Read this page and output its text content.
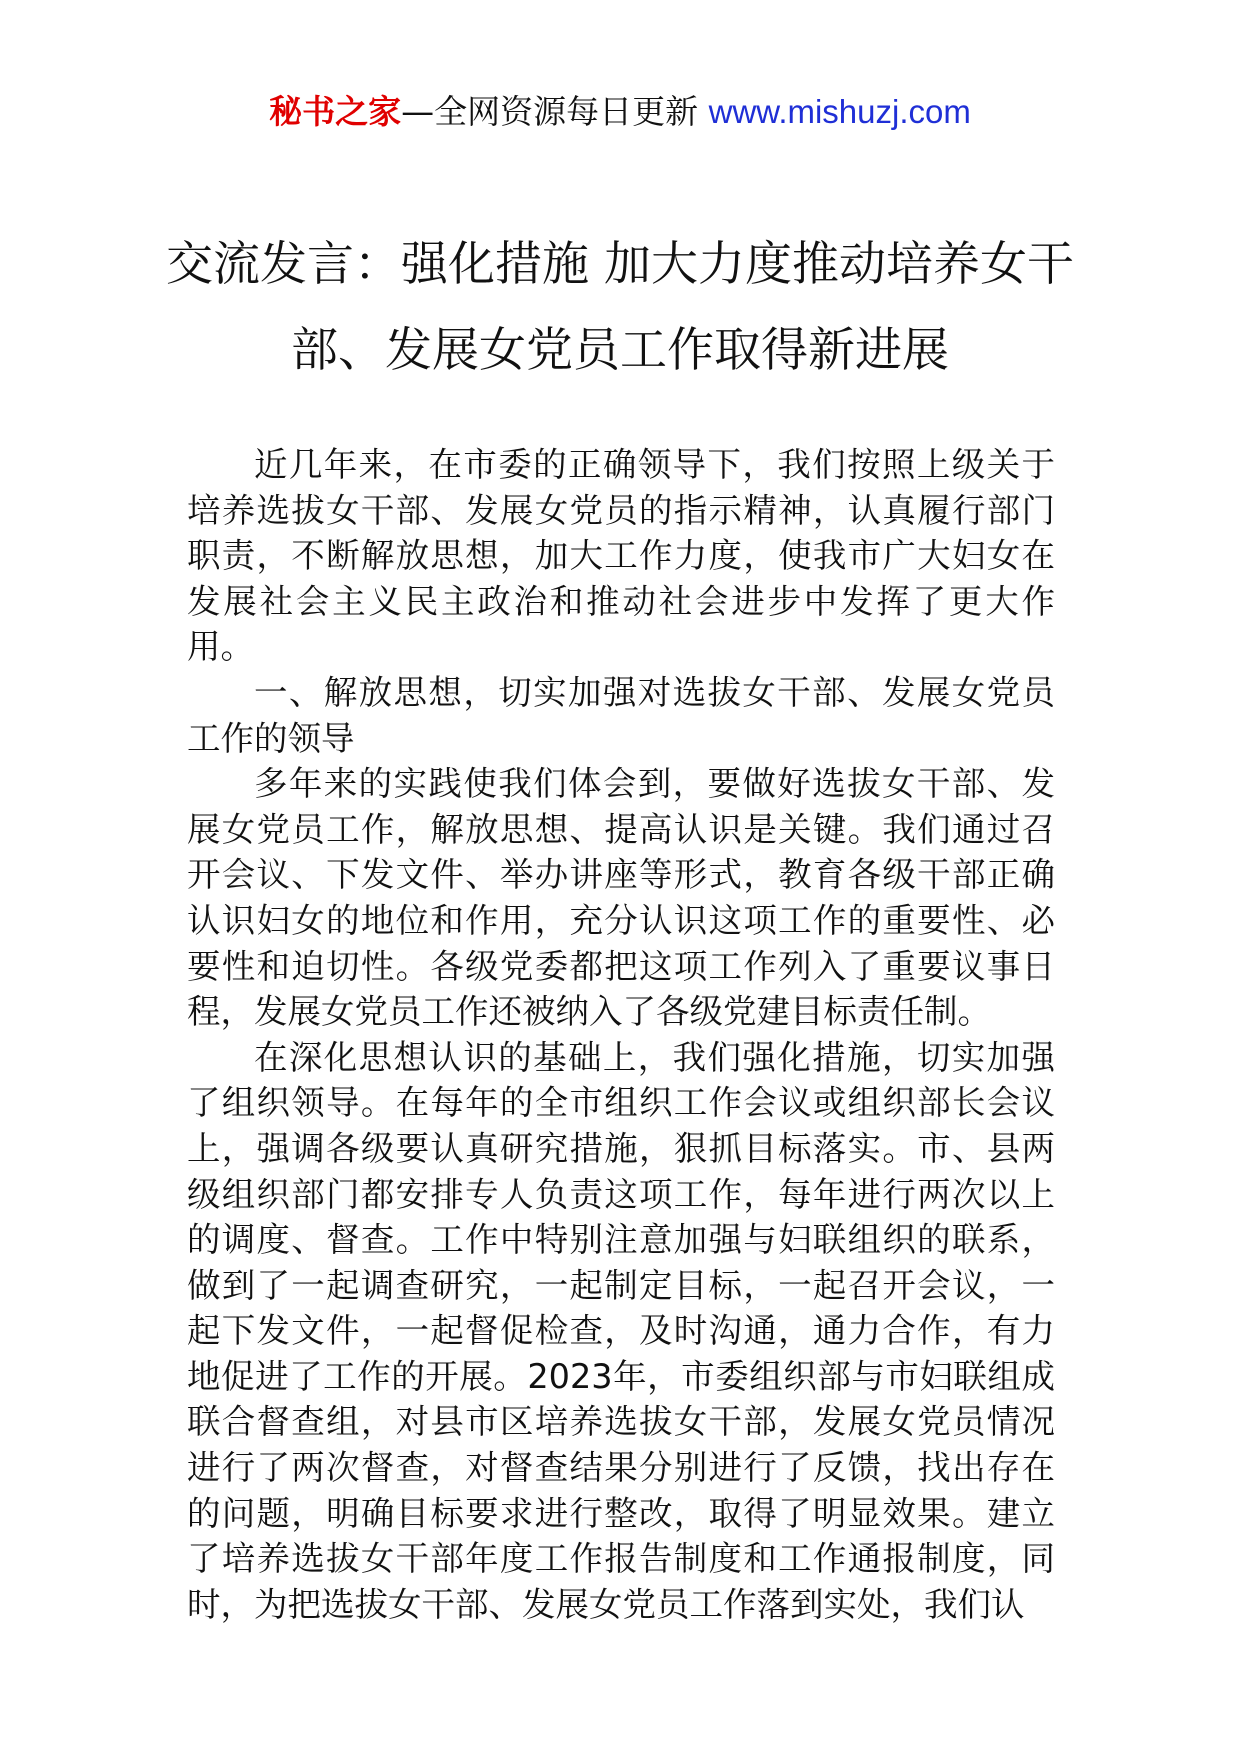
秘书之家—全网资源每日更新 www.mishuzj.com
交流发言：强化措施 加大力度推动培养女干部、发展女党员工作取得新进展

近几年来，在市委的正确领导下，我们按照上级关于培养选拔女干部、发展女党员的指示精神，认真履行部门职责，不断解放思想，加大工作力度，使我市广大妇女在发展社会主义民主政治和推动社会进步中发挥了更大作用。

一、解放思想，切实加强对选拔女干部、发展女党员工作的领导

多年来的实践使我们体会到，要做好选拔女干部、发展女党员工作，解放思想、提高认识是关键。我们通过召开会议、下发文件、举办讲座等形式，教育各级干部正确认识妇女的地位和作用，充分认识这项工作的重要性、必要性和迫切性。各级党委都把这项工作列入了重要议事日程，发展女党员工作还被纳入了各级党建目标责任制。

在深化思想认识的基础上，我们强化措施，切实加强了组织领导。在每年的全市组织工作会议或组织部长会议上，强调各级要认真研究措施，狠抓目标落实。市、县两级组织部门都安排专人负责这项工作，每年进行两次以上的调度、督查。工作中特别注意加强与妇联组织的联系，做到了一起调查研究，一起制定目标，一起召开会议，一起下发文件，一起督促检查，及时沟通，通力合作，有力地促进了工作的开展。2023年，市委组织部与市妇联组成联合督查组，对县市区培养选拔女干部，发展女党员情况进行了两次督查，对督查结果分别进行了反馈，找出存在的问题，明确目标要求进行整改，取得了明显效果。建立了培养选拔女干部年度工作报告制度和工作通报制度，同时，为把选拔女干部、发展女党员工作落到实处，我们认
